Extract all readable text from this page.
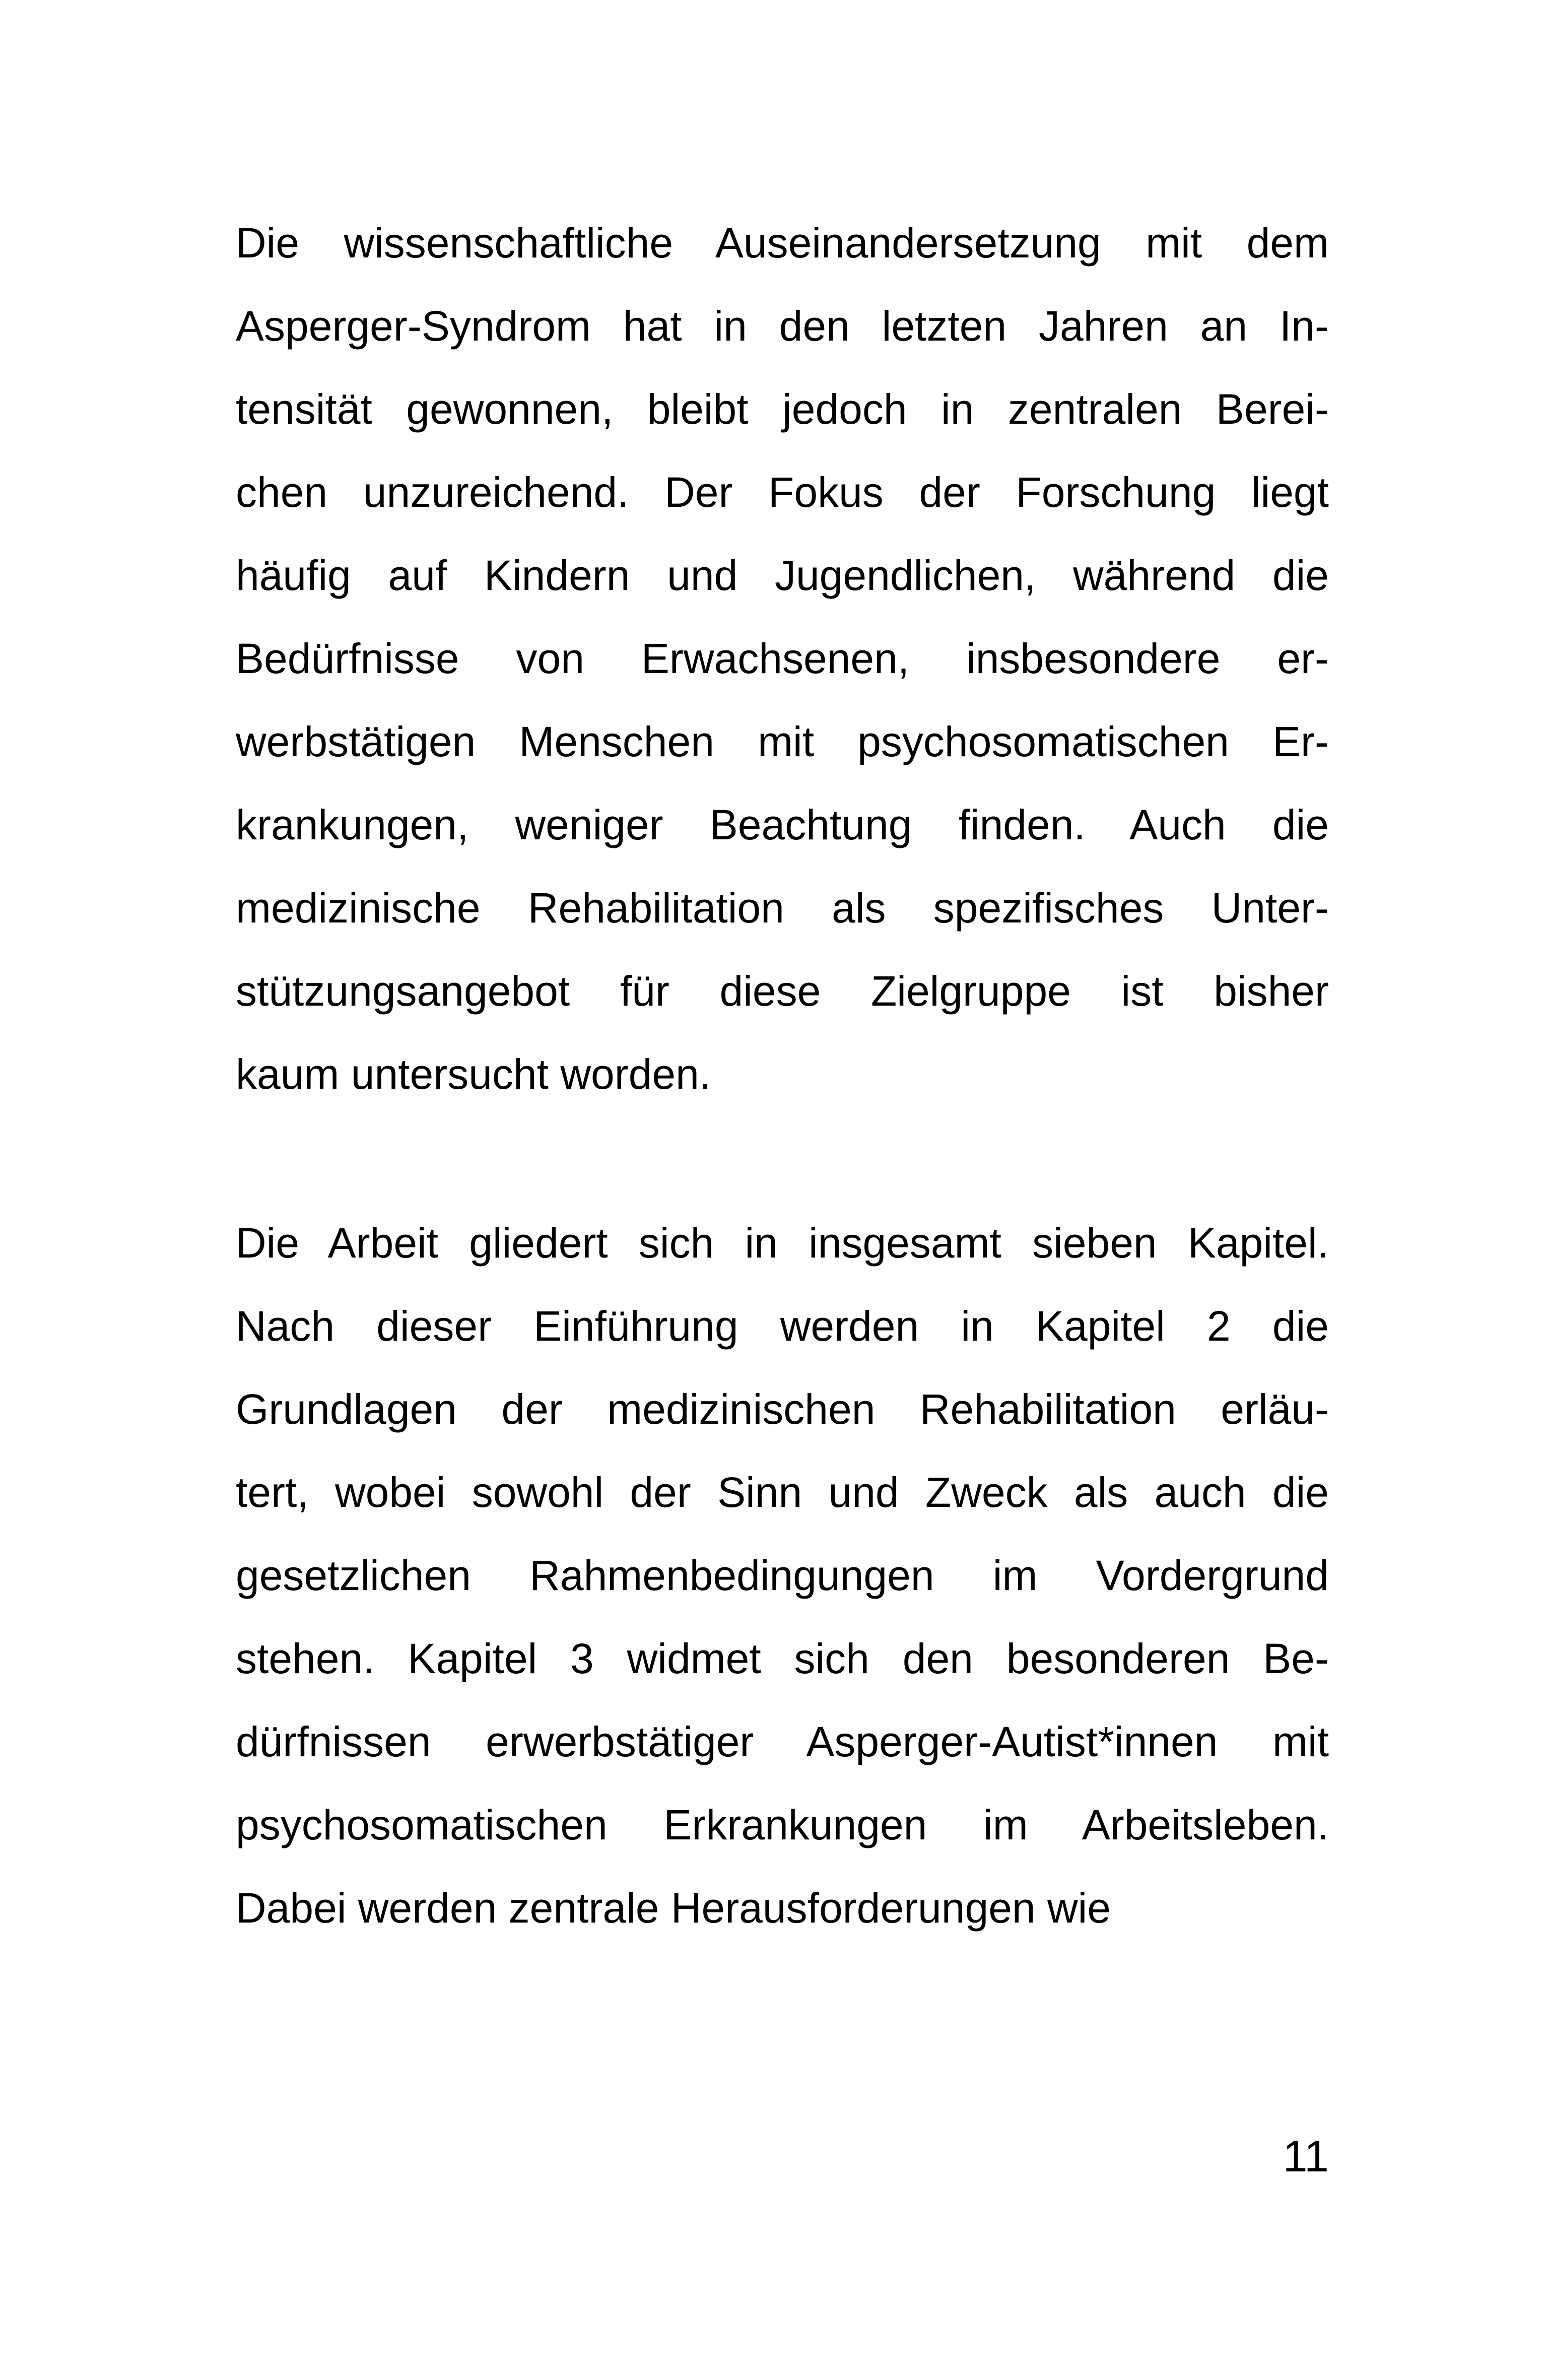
Die wissenschaftliche Auseinandersetzung mit dem
Asperger-Syndrom hat in den letzten Jahren an In-
tensität gewonnen, bleibt jedoch in zentralen Berei-
chen unzureichend. Der Fokus der Forschung liegt
häufig auf Kindern und Jugendlichen, während die
Bedürfnisse von Erwachsenen, insbesondere er-
werbstätigen Menschen mit psychosomatischen Er-
krankungen, weniger Beachtung finden. Auch die
medizinische Rehabilitation als spezifisches Unter-
stützungsangebot für diese Zielgruppe ist bisher
kaum untersucht worden.
Die Arbeit gliedert sich in insgesamt sieben Kapitel.
Nach dieser Einführung werden in Kapitel 2 die
Grundlagen der medizinischen Rehabilitation erläu-
tert, wobei sowohl der Sinn und Zweck als auch die
gesetzlichen Rahmenbedingungen im Vordergrund
stehen. Kapitel 3 widmet sich den besonderen Be-
dürfnissen erwerbstätiger Asperger-Autist*innen mit
psychosomatischen Erkrankungen im Arbeitsleben.
Dabei werden zentrale Herausforderungen wie
11
